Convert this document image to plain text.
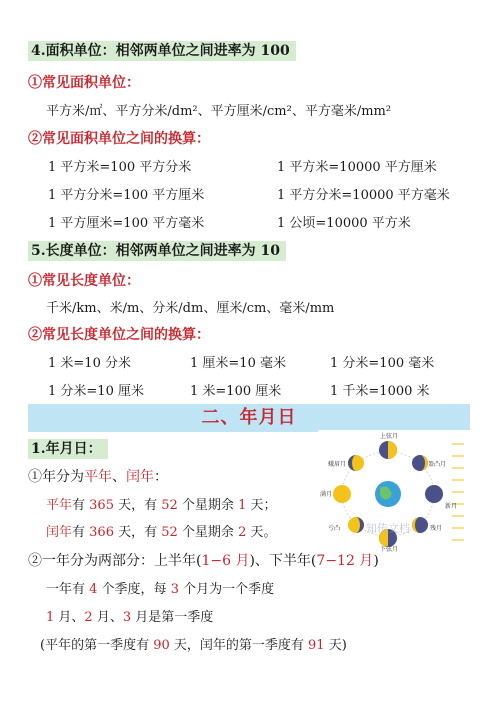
4.面积单位：相邻两单位之间进率为 100
①常见面积单位：
平方米/㎡、平方分米/dm²、平方厘米/cm²、平方毫米/mm²
②常见面积单位之间的换算：
1 平方米=100 平方分米	1 平方米=10000 平方厘米
1 平方分米=100 平方厘米	1 平方分米=10000 平方毫米
1 平方厘米=100 平方毫米	1 公顷=10000 平方米
5.长度单位：相邻两单位之间进率为 10
①常见长度单位：
千米/km、米/m、分米/dm、厘米/cm、毫米/mm
②常见长度单位之间的换算：
1 米=10 分米	1 厘米=10 毫米	1 分米=100 毫米
1 分米=10 厘米	1 米=100 厘米	1 千米=1000 米
二、年月日
1.年月日：
①年分为平年、闰年：
平年有 365 天，有 52 个星期余 1 天；
闰年有 366 天，有 52 个星期余 2 天。
②一年分为两部分：上半年(1−6 月)、下半年(7−12 月)
一年有 4 个季度，每 3 个月为一个季度
1 月、2 月、3 月是第一季度
(平年的第一季度有 90 天，闰年的第一季度有 91 天)
上弦月
蛾眉月	盈凸月
满月
新月
亏凸	残月
下弦月
知传文档
